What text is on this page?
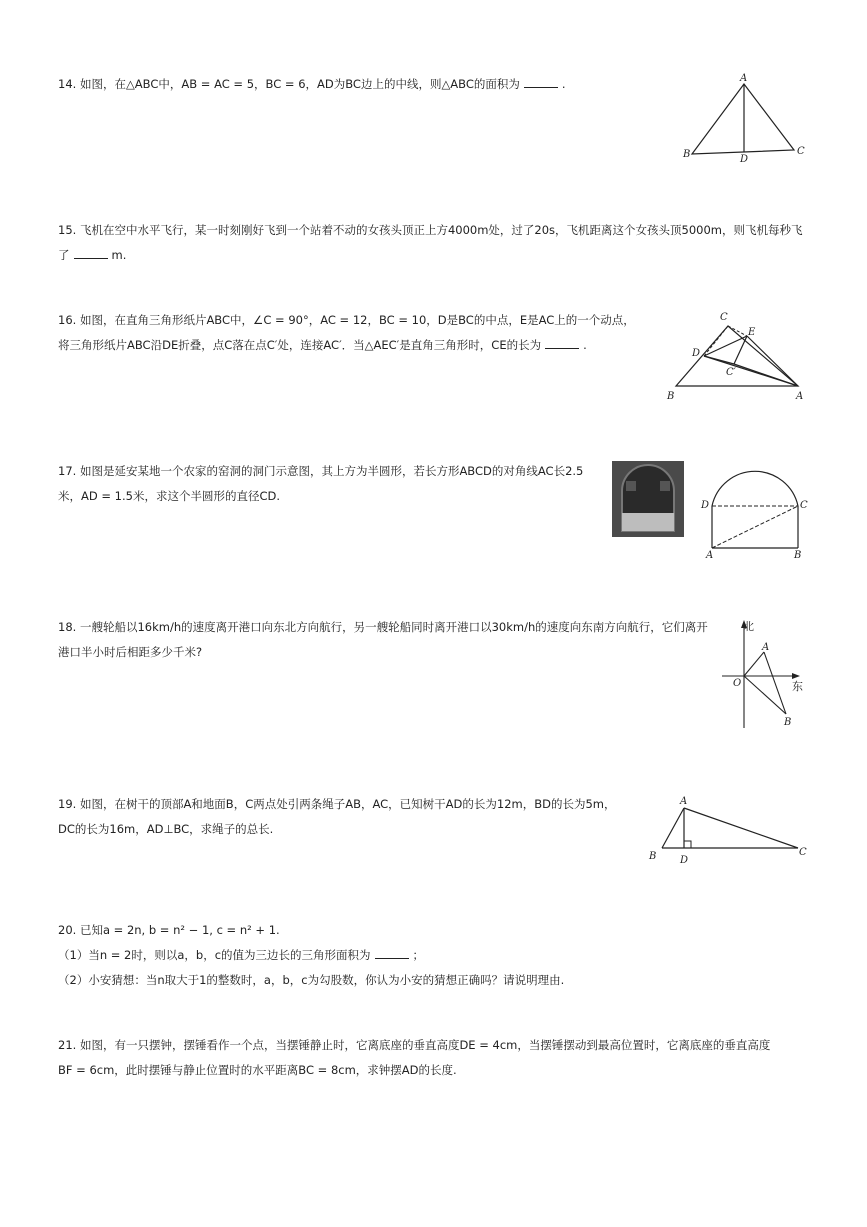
14. 如图，在△ABC中，AB = AC = 5，BC = 6，AD为BC边上的中线，则△ABC的面积为	.	A
B	C
D
15. 飞机在空中水平飞行，某一时刻刚好飞到一个站着不动的女孩头顶正上方4000m处，过了20s，飞机距离这个女孩头顶5000m，则飞机每秒飞
了	m.
16. 如图，在直角三角形纸片ABC中，∠C = 90°，AC = 12，BC = 10，D是BC的中点，E是AC上的一个动点，
将三角形纸片ABC沿DE折叠，点C落在点C′处，连接AC′．当△AEC′是直角三角形时，CE的长为	.
C
E
D
C′
B	A
17. 如图是延安某地一个农家的窑洞的洞门示意图，其上方为半圆形，若长方形ABCD的对角线AC长2.5
米，AD = 1.5米，求这个半圆形的直径CD.
D	C
A	B
18. 一艘轮船以16km/h的速度离开港口向东北方向航行，另一艘轮船同时离开港口以30km/h的速度向东南方向航行，它们离开
港口半小时后相距多少千米?
北
东
A
O
B
19. 如图，在树干的顶部A和地面B，C两点处引两条绳子AB，AC，已知树干AD的长为12m，BD的长为5m，
DC的长为16m，AD⊥BC，求绳子的总长.
A
B D
C
20. 已知a = 2n, b = n² − 1, c = n² + 1.
（1）当n = 2时，则以a，b，c的值为三边长的三角形面积为	；
（2）小安猜想：当n取大于1的整数时，a，b，c为勾股数，你认为小安的猜想正确吗？请说明理由.
21. 如图，有一只摆钟，摆锤看作一个点，当摆锤静止时，它离底座的垂直高度DE = 4cm，当摆锤摆动到最高位置时，它离底座的垂直高度
BF = 6cm，此时摆锤与静止位置时的水平距离BC = 8cm，求钟摆AD的长度.
